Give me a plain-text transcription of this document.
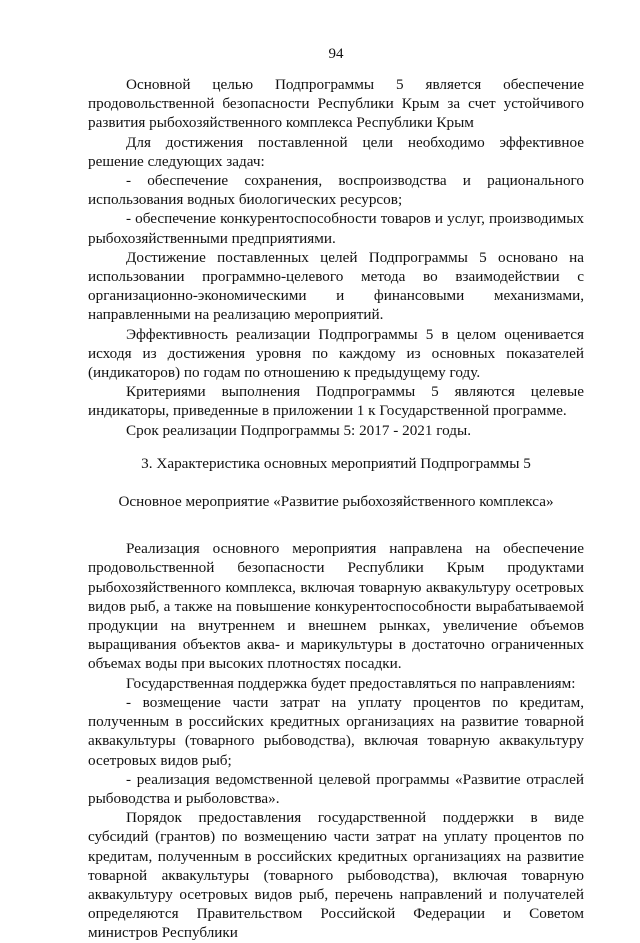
94

Основной целью Подпрограммы 5 является обеспечение продовольственной безопасности Республики Крым за счет устойчивого развития рыбохозяйственного комплекса Республики Крым

Для достижения поставленной цели необходимо эффективное решение следующих задач:

- обеспечение сохранения, воспроизводства и рационального использования водных биологических ресурсов;

- обеспечение конкурентоспособности товаров и услуг, производимых рыбохозяйственными предприятиями.

Достижение поставленных целей Подпрограммы 5 основано на использовании программно-целевого метода во взаимодействии с организационно-экономическими и финансовыми механизмами, направленными на реализацию мероприятий.

Эффективность реализации Подпрограммы 5 в целом оценивается исходя из достижения уровня по каждому из основных показателей (индикаторов) по годам по отношению к предыдущему году.

Критериями выполнения Подпрограммы 5 являются целевые индикаторы, приведенные в приложении 1 к Государственной программе.

Срок реализации Подпрограммы 5: 2017 - 2021 годы.

3. Характеристика основных мероприятий Подпрограммы 5
Основное мероприятие «Развитие рыбохозяйственного комплекса»

Реализация основного мероприятия направлена на обеспечение продовольственной безопасности Республики Крым продуктами рыбохозяйственного комплекса, включая товарную аквакультуру осетровых видов рыб, а также на повышение конкурентоспособности вырабатываемой продукции на внутреннем и внешнем рынках, увеличение объемов выращивания объектов аква- и марикультуры в достаточно ограниченных объемах воды при высоких плотностях посадки.

Государственная поддержка будет предоставляться по направлениям:

- возмещение части затрат на уплату процентов по кредитам, полученным в российских кредитных организациях на развитие товарной аквакультуры (товарного рыбоводства), включая товарную аквакультуру осетровых видов рыб;

- реализация ведомственной целевой программы «Развитие отраслей рыбоводства и рыболовства».

Порядок предоставления государственной поддержки в виде субсидий (грантов) по возмещению части затрат на уплату процентов по кредитам, полученным в российских кредитных организациях на развитие товарной аквакультуры (товарного рыбоводства), включая товарную аквакультуру осетровых видов рыб, перечень направлений и получателей определяются Правительством Российской Федерации и Советом министров Республики
